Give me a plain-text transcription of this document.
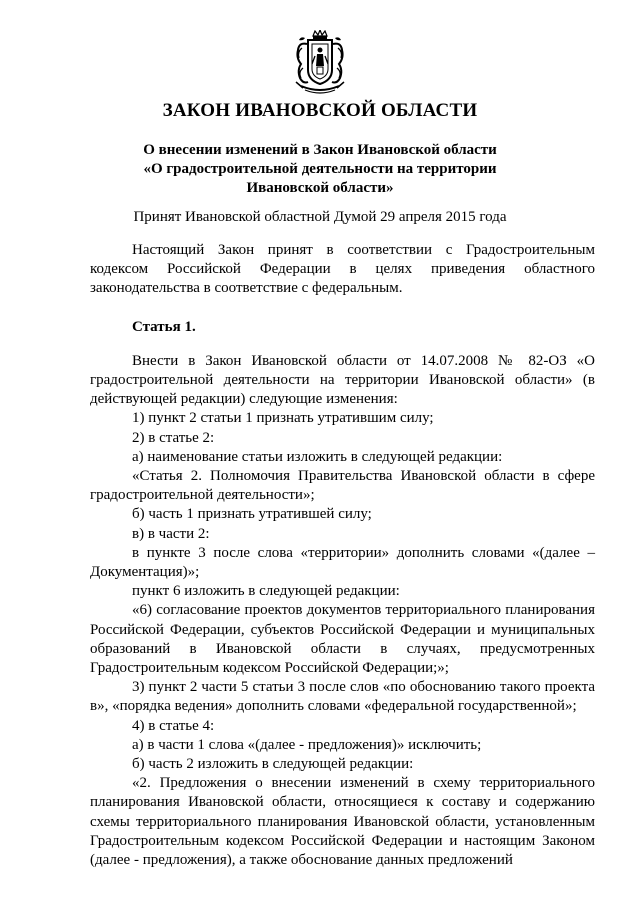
ЗАКОН ИВАНОВСКОЙ ОБЛАСТИ
О внесении изменений в Закон Ивановской области
«О градостроительной деятельности на территории
Ивановской области»
Принят Ивановской областной Думой 29 апреля 2015 года

Настоящий Закон принят в соответствии с Градостроительным кодексом Российской Федерации в целях приведения областного законодательства в соответствие с федеральным.

Статья 1.

Внести в Закон Ивановской области от 14.07.2008 № 82-ОЗ «О градостроительной деятельности на территории Ивановской области» (в действующей редакции) следующие изменения:

1) пункт 2 статьи 1 признать утратившим силу;

2) в статье 2:

а) наименование статьи изложить в следующей редакции:

«Статья 2. Полномочия Правительства Ивановской области в сфере градостроительной деятельности»;

б) часть 1 признать утратившей силу;

в) в части 2:

в пункте 3 после слова «территории» дополнить словами «(далее – Документация)»;

пункт 6 изложить в следующей редакции:

«6) согласование проектов документов территориального планирования Российской Федерации, субъектов Российской Федерации и муниципальных образований в Ивановской области в случаях, предусмотренных Градостроительным кодексом Российской Федерации;»;

3) пункт 2 части 5 статьи 3 после слов «по обоснованию такого проекта в», «порядка ведения» дополнить словами «федеральной государственной»;

4) в статье 4:

а) в части 1 слова «(далее - предложения)» исключить;

б) часть 2 изложить в следующей редакции:

«2. Предложения о внесении изменений в схему территориального планирования Ивановской области, относящиеся к составу и содержанию схемы территориального планирования Ивановской области, установленным Градостроительным кодексом Российской Федерации и настоящим Законом (далее - предложения), а также обоснование данных предложений
